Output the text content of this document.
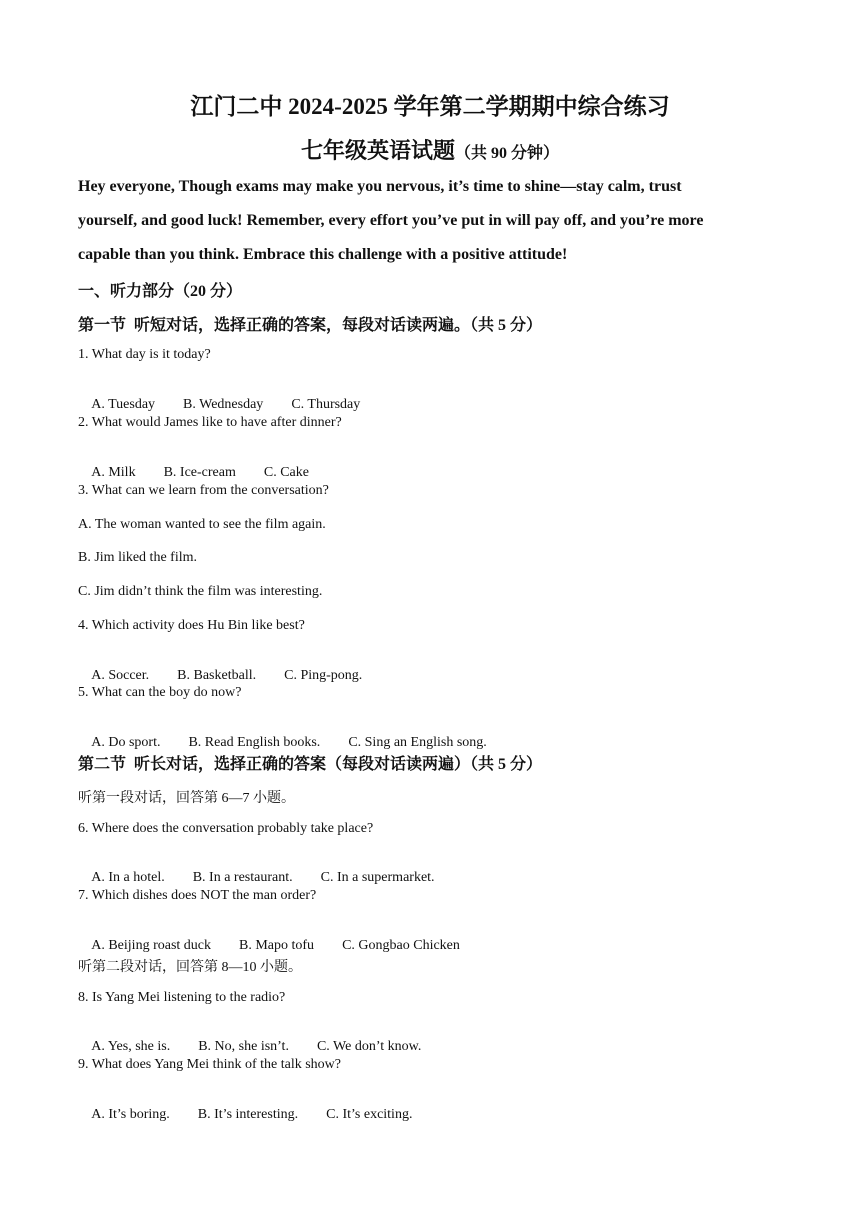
江门二中 2024-2025 学年第二学期期中综合练习
七年级英语试题（共 90 分钟）
Hey everyone, Though exams may make you nervous, it’s time to shine—stay calm, trust
yourself, and good luck! Remember, every effort you’ve put in will pay off, and you’re more
capable than you think. Embrace this challenge with a positive attitude!
一、听力部分（20 分）
第一节  听短对话，选择正确的答案，每段对话读两遍。（共 5 分）
1. What day is it today?

A. Tuesday B. Wednesday C. Thursday

2. What would James like to have after dinner?

A. Milk B. Ice-cream C. Cake

3. What can we learn from the conversation?
A. The woman wanted to see the film again.
B. Jim liked the film.
C. Jim didn’t think the film was interesting.
4. Which activity does Hu Bin like best?

A. Soccer. B. Basketball. C. Ping-pong.

5. What can the boy do now?

A. Do sport. B. Read English books. C. Sing an English song.

第二节  听长对话，选择正确的答案（每段对话读两遍）（共 5 分）
听第一段对话，回答第 6—7 小题。
6. Where does the conversation probably take place?

A. In a hotel. B. In a restaurant. C. In a supermarket.

7. Which dishes does NOT the man order?

A. Beijing roast duck B. Mapo tofu C. Gongbao Chicken

听第二段对话，回答第 8—10 小题。
8. Is Yang Mei listening to the radio?

A. Yes, she is. B. No, she isn’t. C. We don’t know.

9. What does Yang Mei think of the talk show?

A. It’s boring. B. It’s interesting. C. It’s exciting.
